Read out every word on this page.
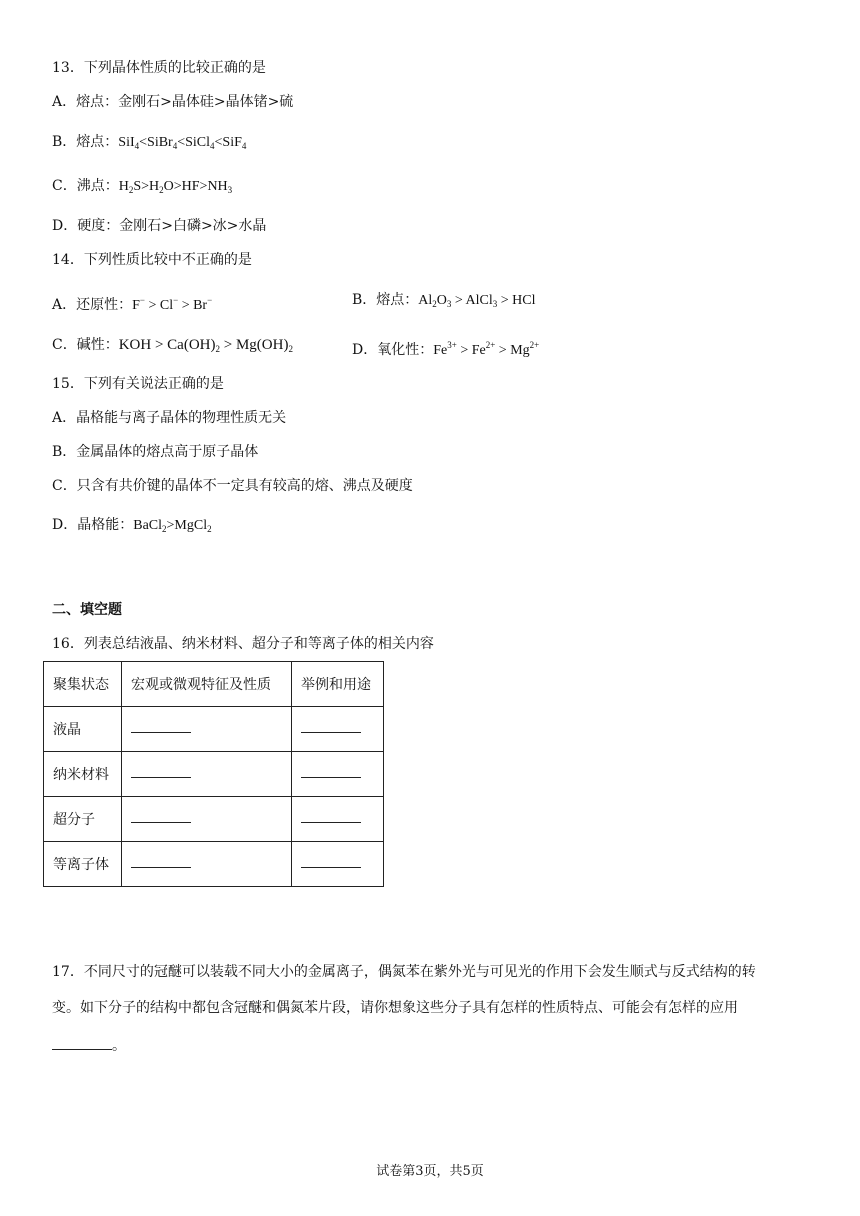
13．下列晶体性质的比较正确的是
A．熔点：金刚石>晶体硅>晶体锗>硫
B．熔点：SiI$_4$<SiBr$_4$<SiCl$_4$<SiF$_4$
C．沸点：$H_2S>H_2O>HF>NH_3$
D．硬度：金刚石>白磷>冰>水晶
14．下列性质比较中不正确的是
A．还原性：F− > Cl− > Br−	B．熔点：$Al_2O_3$ > AlCl$_3$ > HCl
C．碱性：KOH > $Ca(OH)_2 > Mg(OH)_2$	D．氧化性：$Fe^{3+} > Fe^{2+} > Mg^{2+}$
15．下列有关说法正确的是
A．晶格能与离子晶体的物理性质无关
B．金属晶体的熔点高于原子晶体
C．只含有共价键的晶体不一定具有较高的熔、沸点及硬度
D．晶格能：BaCl$_2$>MgCl$_2$
二、填空题
16．列表总结液晶、纳米材料、超分子和等离子体的相关内容
聚集状态	宏观或微观特征及性质	举例和用途
液晶		
纳米材料		
超分子		
等离子体		
17．不同尺寸的冠醚可以装载不同大小的金属离子，偶氮苯在紫外光与可见光的作用下会发生顺式与反式结构的转
变。如下分子的结构中都包含冠醚和偶氮苯片段，请你想象这些分子具有怎样的性质特点、可能会有怎样的应用
。
试卷第3页，共5页
